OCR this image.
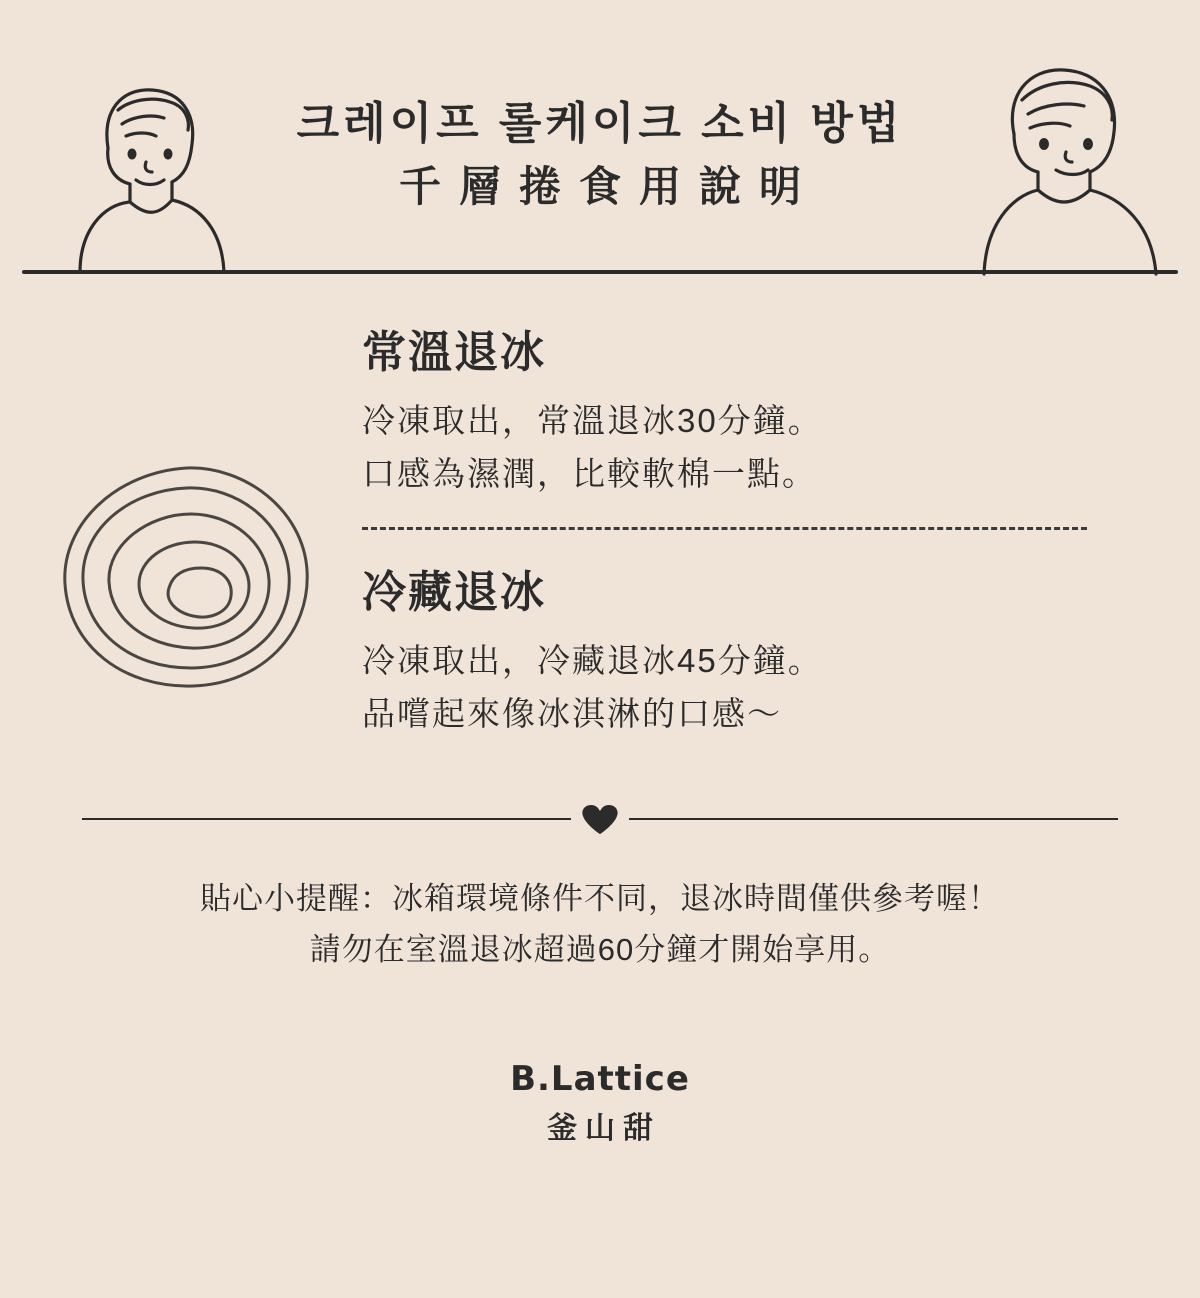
크레이프 롤케이크 소비 방법
千層捲食用說明
常溫退冰
冷凍取出，常溫退冰30分鐘。
口感為濕潤，比較軟棉一點。
冷藏退冰
冷凍取出，冷藏退冰45分鐘。
品嚐起來像冰淇淋的口感～
貼心小提醒：冰箱環境條件不同，退冰時間僅供參考喔！
請勿在室溫退冰超過60分鐘才開始享用。
B.Lattice
釜山甜
